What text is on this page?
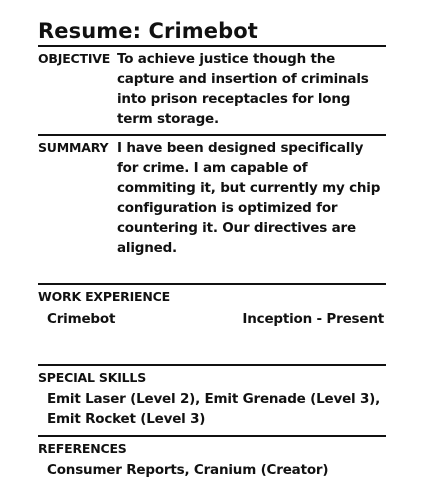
Resume: Crimebot
OBJECTIVE To achieve justice though the capture and insertion of criminals into prison receptacles for long term storage.
SUMMARY I have been designed specifically for crime. I am capable of commiting it, but currently my chip configuration is optimized for countering it. Our directives are aligned.
WORK EXPERIENCE
Crimebot	Inception - Present
SPECIAL SKILLS
Emit Laser (Level 2), Emit Grenade (Level 3), Emit Rocket (Level 3)
REFERENCES
Consumer Reports, Cranium (Creator)
